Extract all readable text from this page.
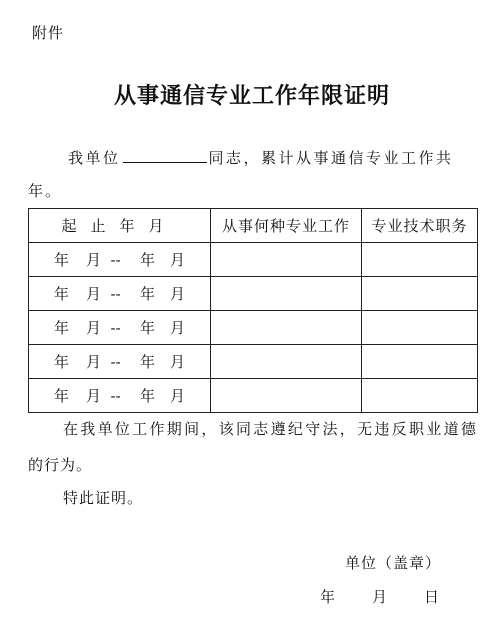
附件
从事通信专业工作年限证明
我单位	同志，累计从事通信专业工作共
年。
起止年月	从事何种专业工作	专业技术职务
年 月 -- 年 月		
年 月 -- 年 月		
年 月 -- 年 月		
年 月 -- 年 月		
年 月 -- 年 月		
在我单位工作期间，该同志遵纪守法，无违反职业道德
的行为。
特此证明。
单位（盖章）
年 月 日
